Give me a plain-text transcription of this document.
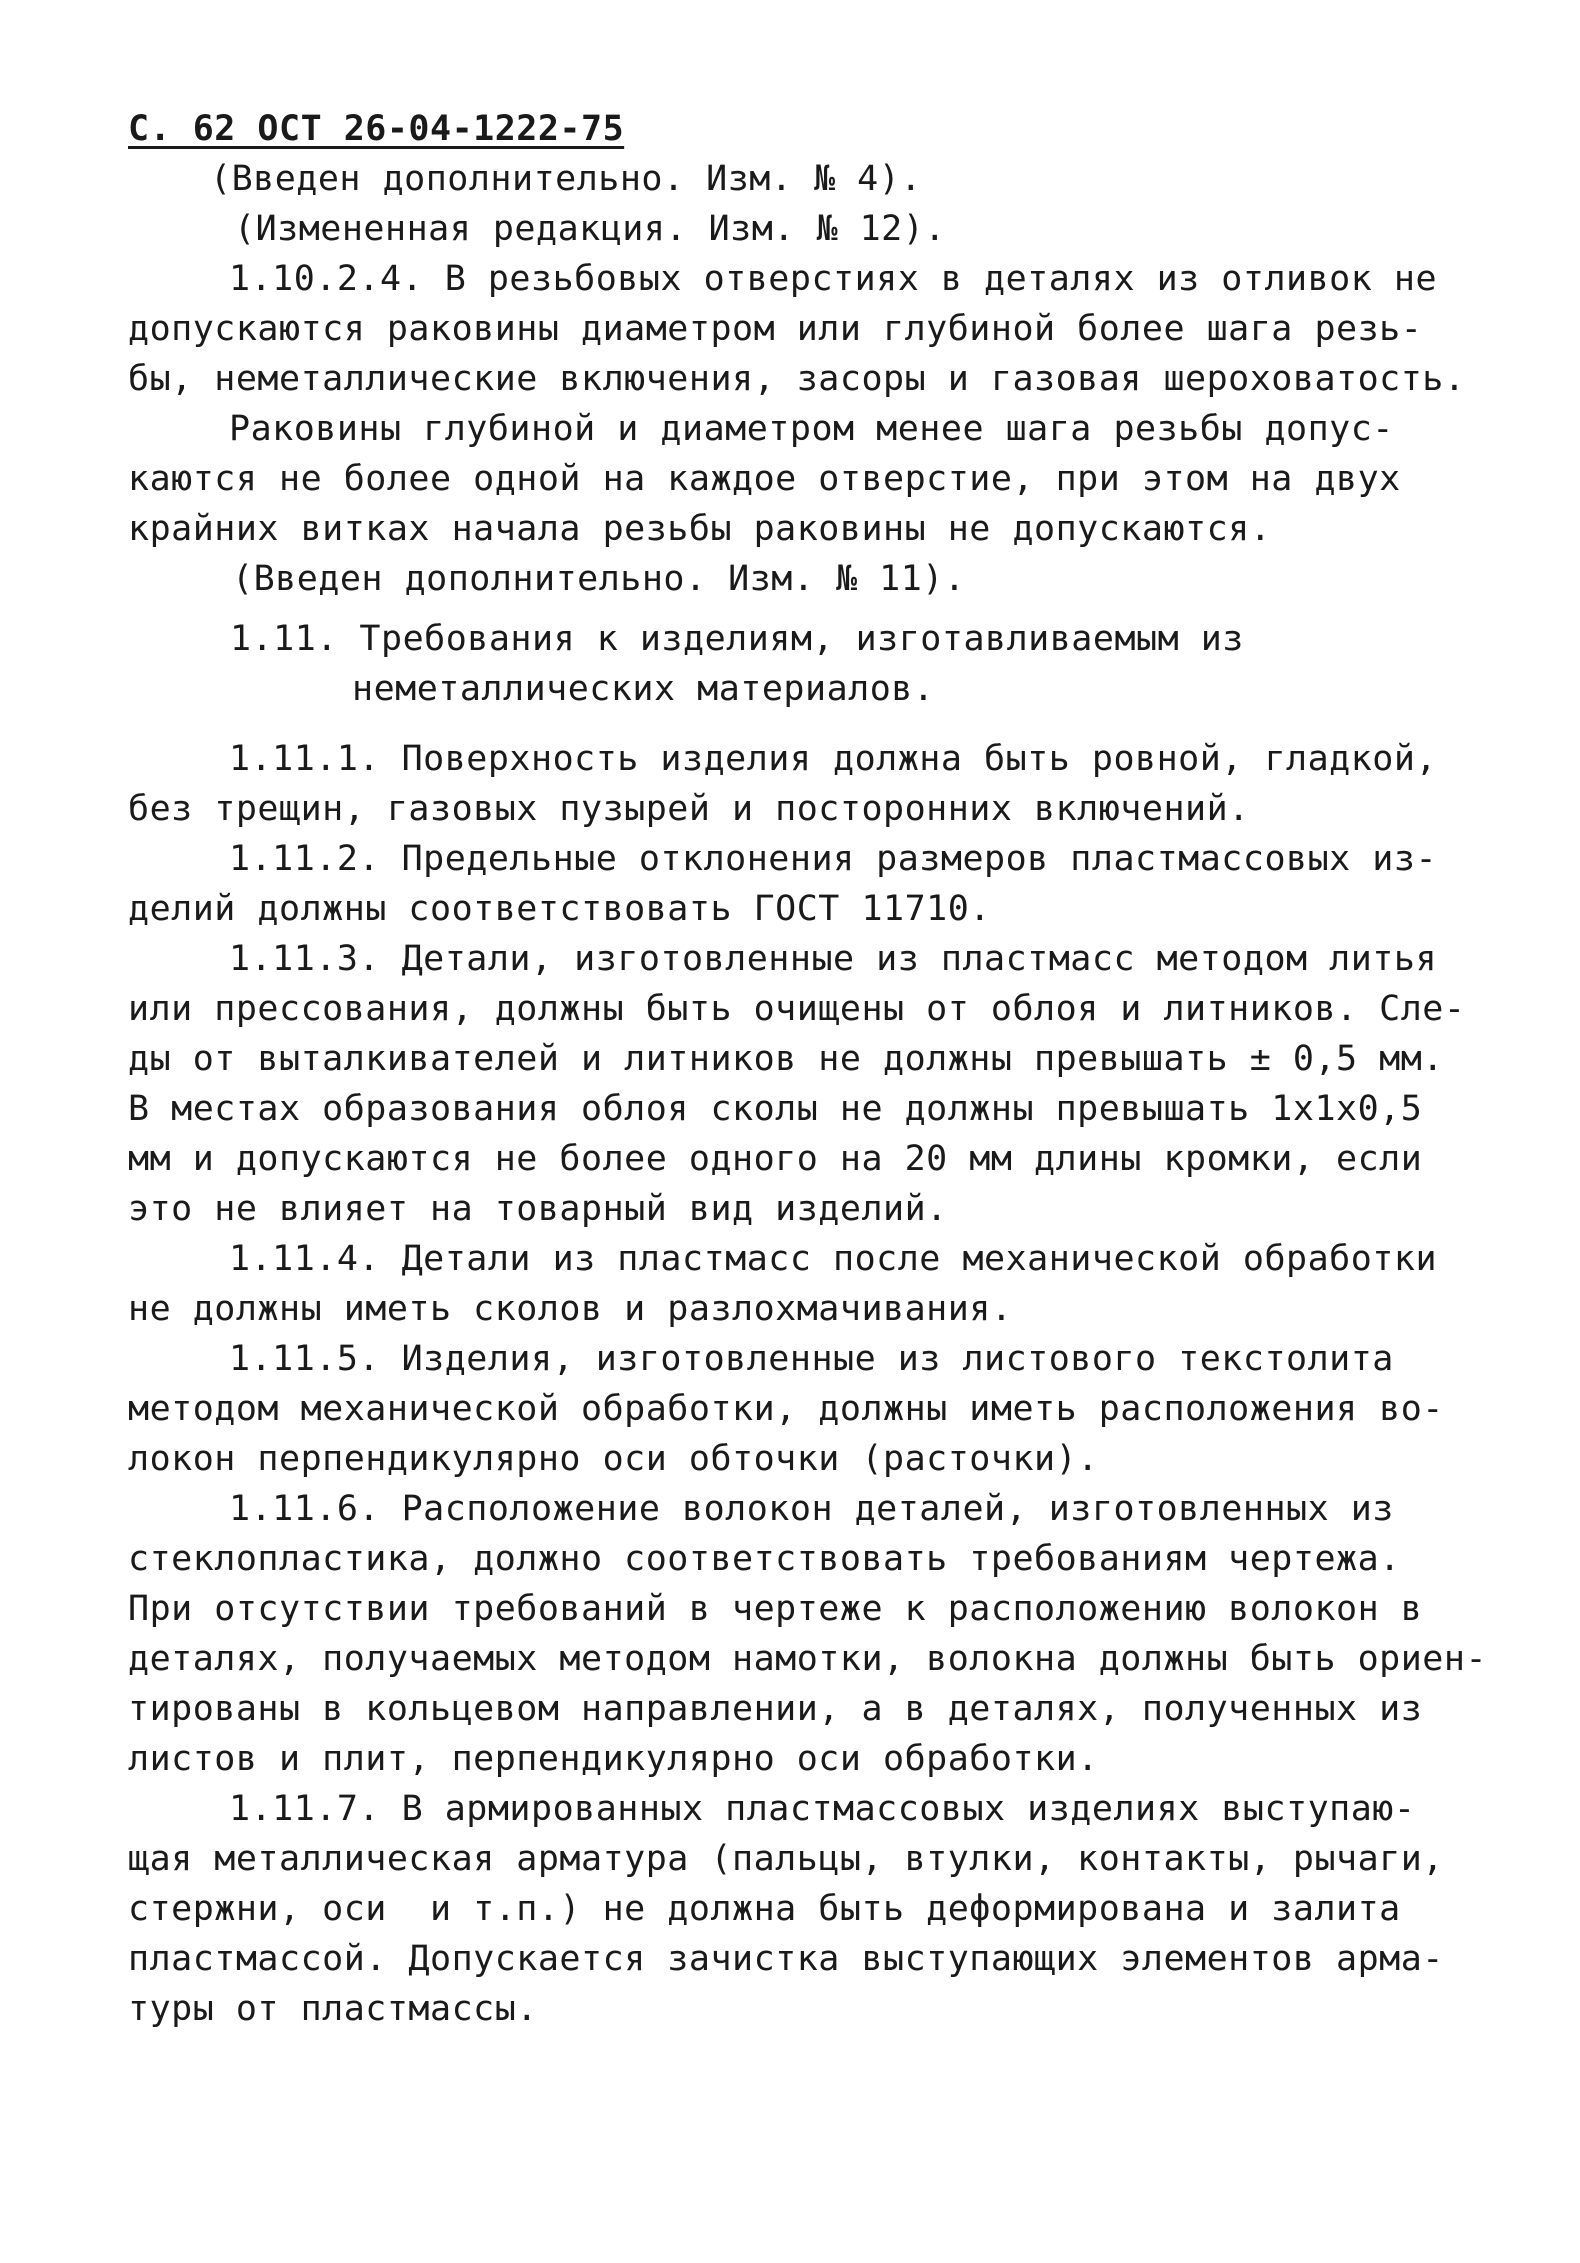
С. 62 ОСТ 26-04-1222-75
(Введен дополнительно. Изм. № 4).
(Измененная редакция. Изм. № 12).
1.10.2.4. В резьбовых отверстиях в деталях из отливок не
допускаются раковины диаметром или глубиной более шага резь-
бы, неметаллические включения, засоры и газовая шероховатость.
Раковины глубиной и диаметром менее шага резьбы допус-
каются не более одной на каждое отверстие, при этом на двух
крайних витках начала резьбы раковины не допускаются.
(Введен дополнительно. Изм. № 11).
1.11. Требования к изделиям, изготавливаемым из
неметаллических материалов.
1.11.1. Поверхность изделия должна быть ровной, гладкой,
без трещин, газовых пузырей и посторонних включений.
1.11.2. Предельные отклонения размеров пластмассовых из-
делий должны соответствовать ГОСТ 11710.
1.11.3. Детали, изготовленные из пластмасс методом литья
или прессования, должны быть очищены от облоя и литников. Сле-
ды от выталкивателей и литников не должны превышать ± 0,5 мм.
В местах образования облоя сколы не должны превышать 1х1х0,5
мм и допускаются не более одного на 20 мм длины кромки, если
это не влияет на товарный вид изделий.
1.11.4. Детали из пластмасс после механической обработки
не должны иметь сколов и разлохмачивания.
1.11.5. Изделия, изготовленные из листового текстолита
методом механической обработки, должны иметь расположения во-
локон перпендикулярно оси обточки (расточки).
1.11.6. Расположение волокон деталей, изготовленных из
стеклопластика, должно соответствовать требованиям чертежа.
При отсутствии требований в чертеже к расположению волокон в
деталях, получаемых методом намотки, волокна должны быть ориен-
тированы в кольцевом направлении, а в деталях, полученных из
листов и плит, перпендикулярно оси обработки.
1.11.7. В армированных пластмассовых изделиях выступаю-
щая металлическая арматура (пальцы, втулки, контакты, рычаги,
стержни, оси  и т.п.) не должна быть деформирована и залита
пластмассой. Допускается зачистка выступающих элементов арма-
туры от пластмассы.
